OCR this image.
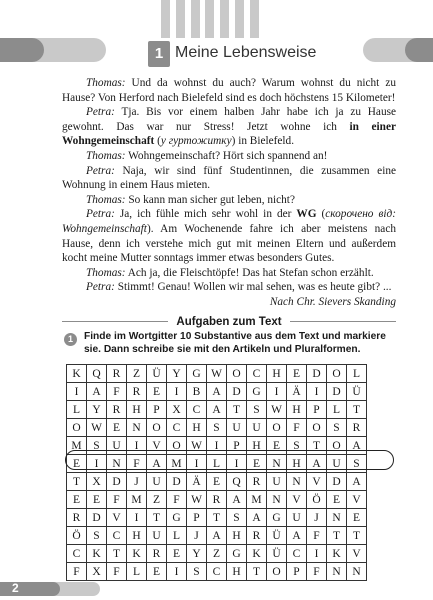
1 Meine Lebensweise

Thomas: Und da wohnst du auch? Warum wohnst du nicht zu Hause? Von Herford nach Bielefeld sind es doch höchstens 15 Kilometer!

Petra: Tja. Bis vor einem halben Jahr habe ich ja zu Hause gewohnt. Das war nur Stress! Jetzt wohne ich in einer Wohngemeinschaft (у гуртожитку) in Bielefeld.

Thomas: Wohngemeinschaft? Hört sich spannend an!

Petra: Naja, wir sind fünf Studentinnen, die zusammen eine Wohnung in einem Haus mieten.

Thomas: So kann man sicher gut leben, nicht?

Petra: Ja, ich fühle mich sehr wohl in der WG (скорочено від: Wohngemeinschaft). Am Wochenende fahre ich aber meistens nach Hause, denn ich verstehe mich gut mit meinen Eltern und außerdem kocht meine Mutter sonntags immer etwas besonders Gutes.

Thomas: Ach ja, die Fleischtöpfe! Das hat Stefan schon erzählt.

Petra: Stimmt! Genau! Wollen wir mal sehen, was es heute gibt? ...

Nach Chr. Sievers Skanding
Aufgaben zum Text
1	Finde im Wortgitter 10 Substantive aus dem Text und markiere sie. Dann schreibe sie mit den Artikeln und Pluralformen.
K	Q	R	Z	Ü	Y	G	W	O	C	H	E	D	O	L
I	A	F	R	E	I	B	A	D	G	I	Ä	I	D	Ü
L	Y	R	H	P	X	C	A	T	S	W	H	P	L	T
O	W	E	N	O	C	H	S	U	U	O	F	O	S	R
M	S	U	I	V	O	W	I	P	H	E	S	T	O	A
E	I	N	F	A	M	I	L	I	E	N	H	A	U	S
T	X	D	J	U	D	Ä	E	Q	R	U	N	V	D	A
E	E	F	M	Z	F	W	R	A	M	N	V	Ö	E	V
R	D	V	I	T	G	P	T	S	A	G	U	J	N	E
Ö	S	C	H	U	L	J	A	H	R	Ü	A	F	T	T
C	K	T	K	R	E	Y	Z	G	K	Ü	C	I	K	V
F	X	F	L	E	I	S	C	H	T	O	P	F	N	N
2
